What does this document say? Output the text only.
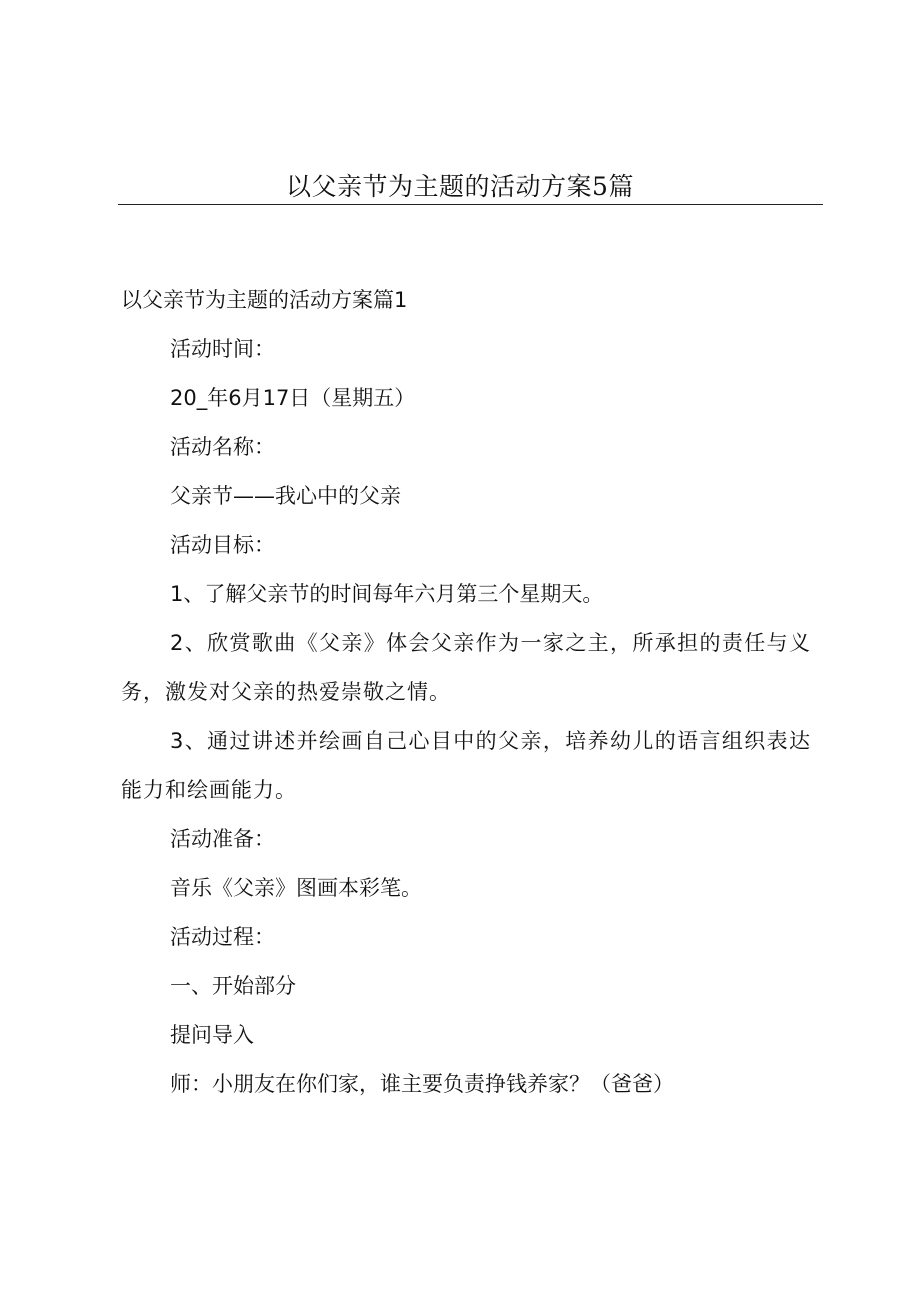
以父亲节为主题的活动方案5篇

以父亲节为主题的活动方案篇1

活动时间：

20_年6月17日（星期五）

活动名称：

父亲节——我心中的父亲

活动目标：

1、了解父亲节的时间每年六月第三个星期天。

2、欣赏歌曲《父亲》体会父亲作为一家之主，所承担的责任与义务，激发对父亲的热爱崇敬之情。

3、通过讲述并绘画自己心目中的父亲，培养幼儿的语言组织表达能力和绘画能力。

活动准备：

音乐《父亲》图画本彩笔。

活动过程：

一、开始部分

提问导入

师：小朋友在你们家，谁主要负责挣钱养家？（爸爸）
